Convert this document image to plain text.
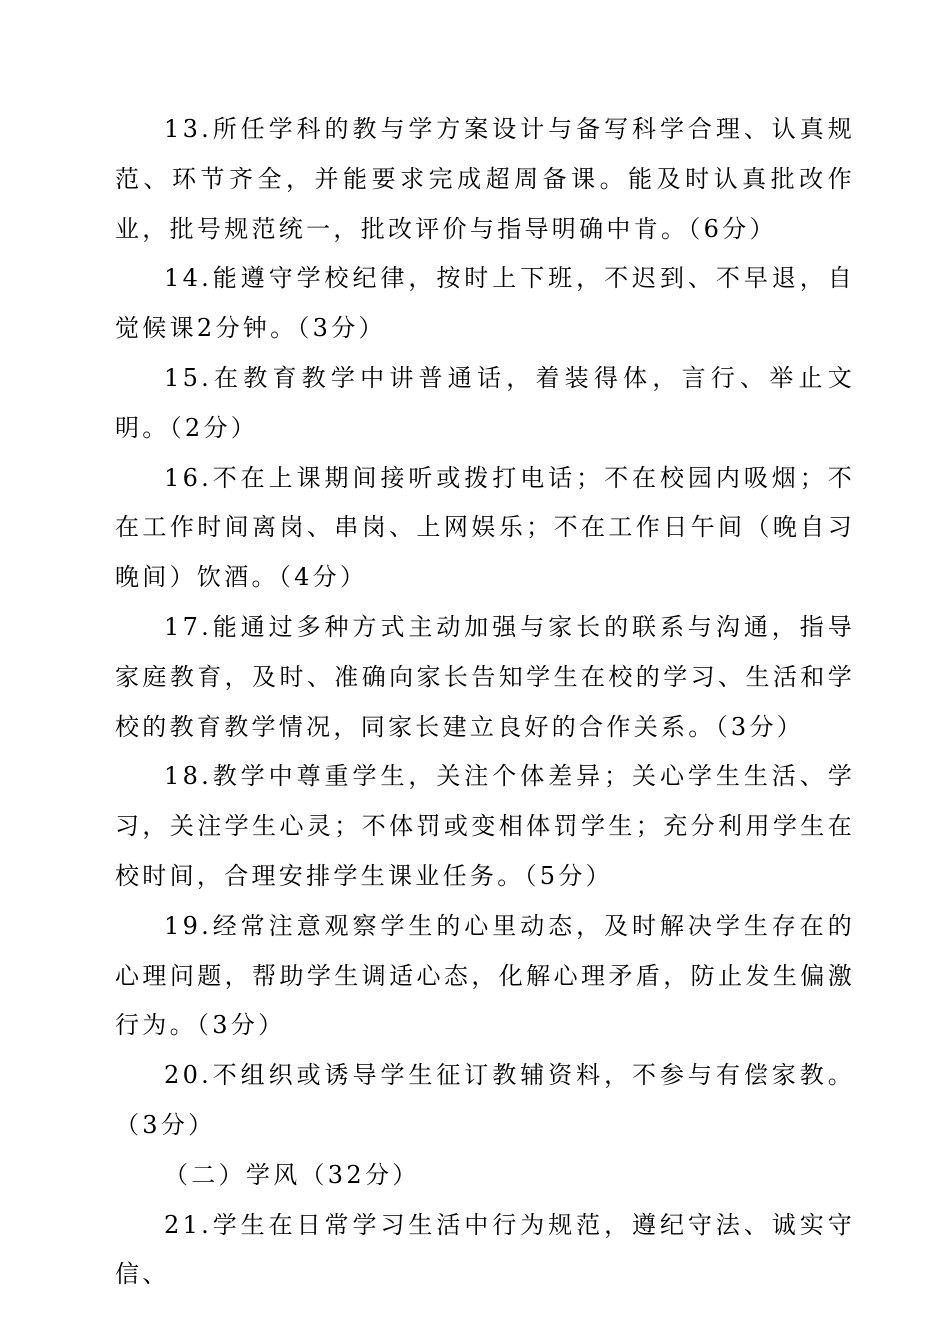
13.所任学科的教与学方案设计与备写科学合理、认真规范、环节齐全，并能要求完成超周备课。能及时认真批改作业，批号规范统一，批改评价与指导明确中肯。（6分）

14.能遵守学校纪律，按时上下班，不迟到、不早退，自觉候课2分钟。（3分）

15.在教育教学中讲普通话，着装得体，言行、举止文明。（2分）

16.不在上课期间接听或拨打电话；不在校园内吸烟；不在工作时间离岗、串岗、上网娱乐；不在工作日午间（晚自习晚间）饮酒。（4分）

17.能通过多种方式主动加强与家长的联系与沟通，指导家庭教育，及时、准确向家长告知学生在校的学习、生活和学校的教育教学情况，同家长建立良好的合作关系。（3分）

18.教学中尊重学生，关注个体差异；关心学生生活、学习，关注学生心灵；不体罚或变相体罚学生；充分利用学生在校时间，合理安排学生课业任务。（5分）

19.经常注意观察学生的心里动态，及时解决学生存在的心理问题，帮助学生调适心态，化解心理矛盾，防止发生偏激行为。（3分）

20.不组织或诱导学生征订教辅资料，不参与有偿家教。（3分）

（二）学风（32分）

21.学生在日常学习生活中行为规范，遵纪守法、诚实守信、
